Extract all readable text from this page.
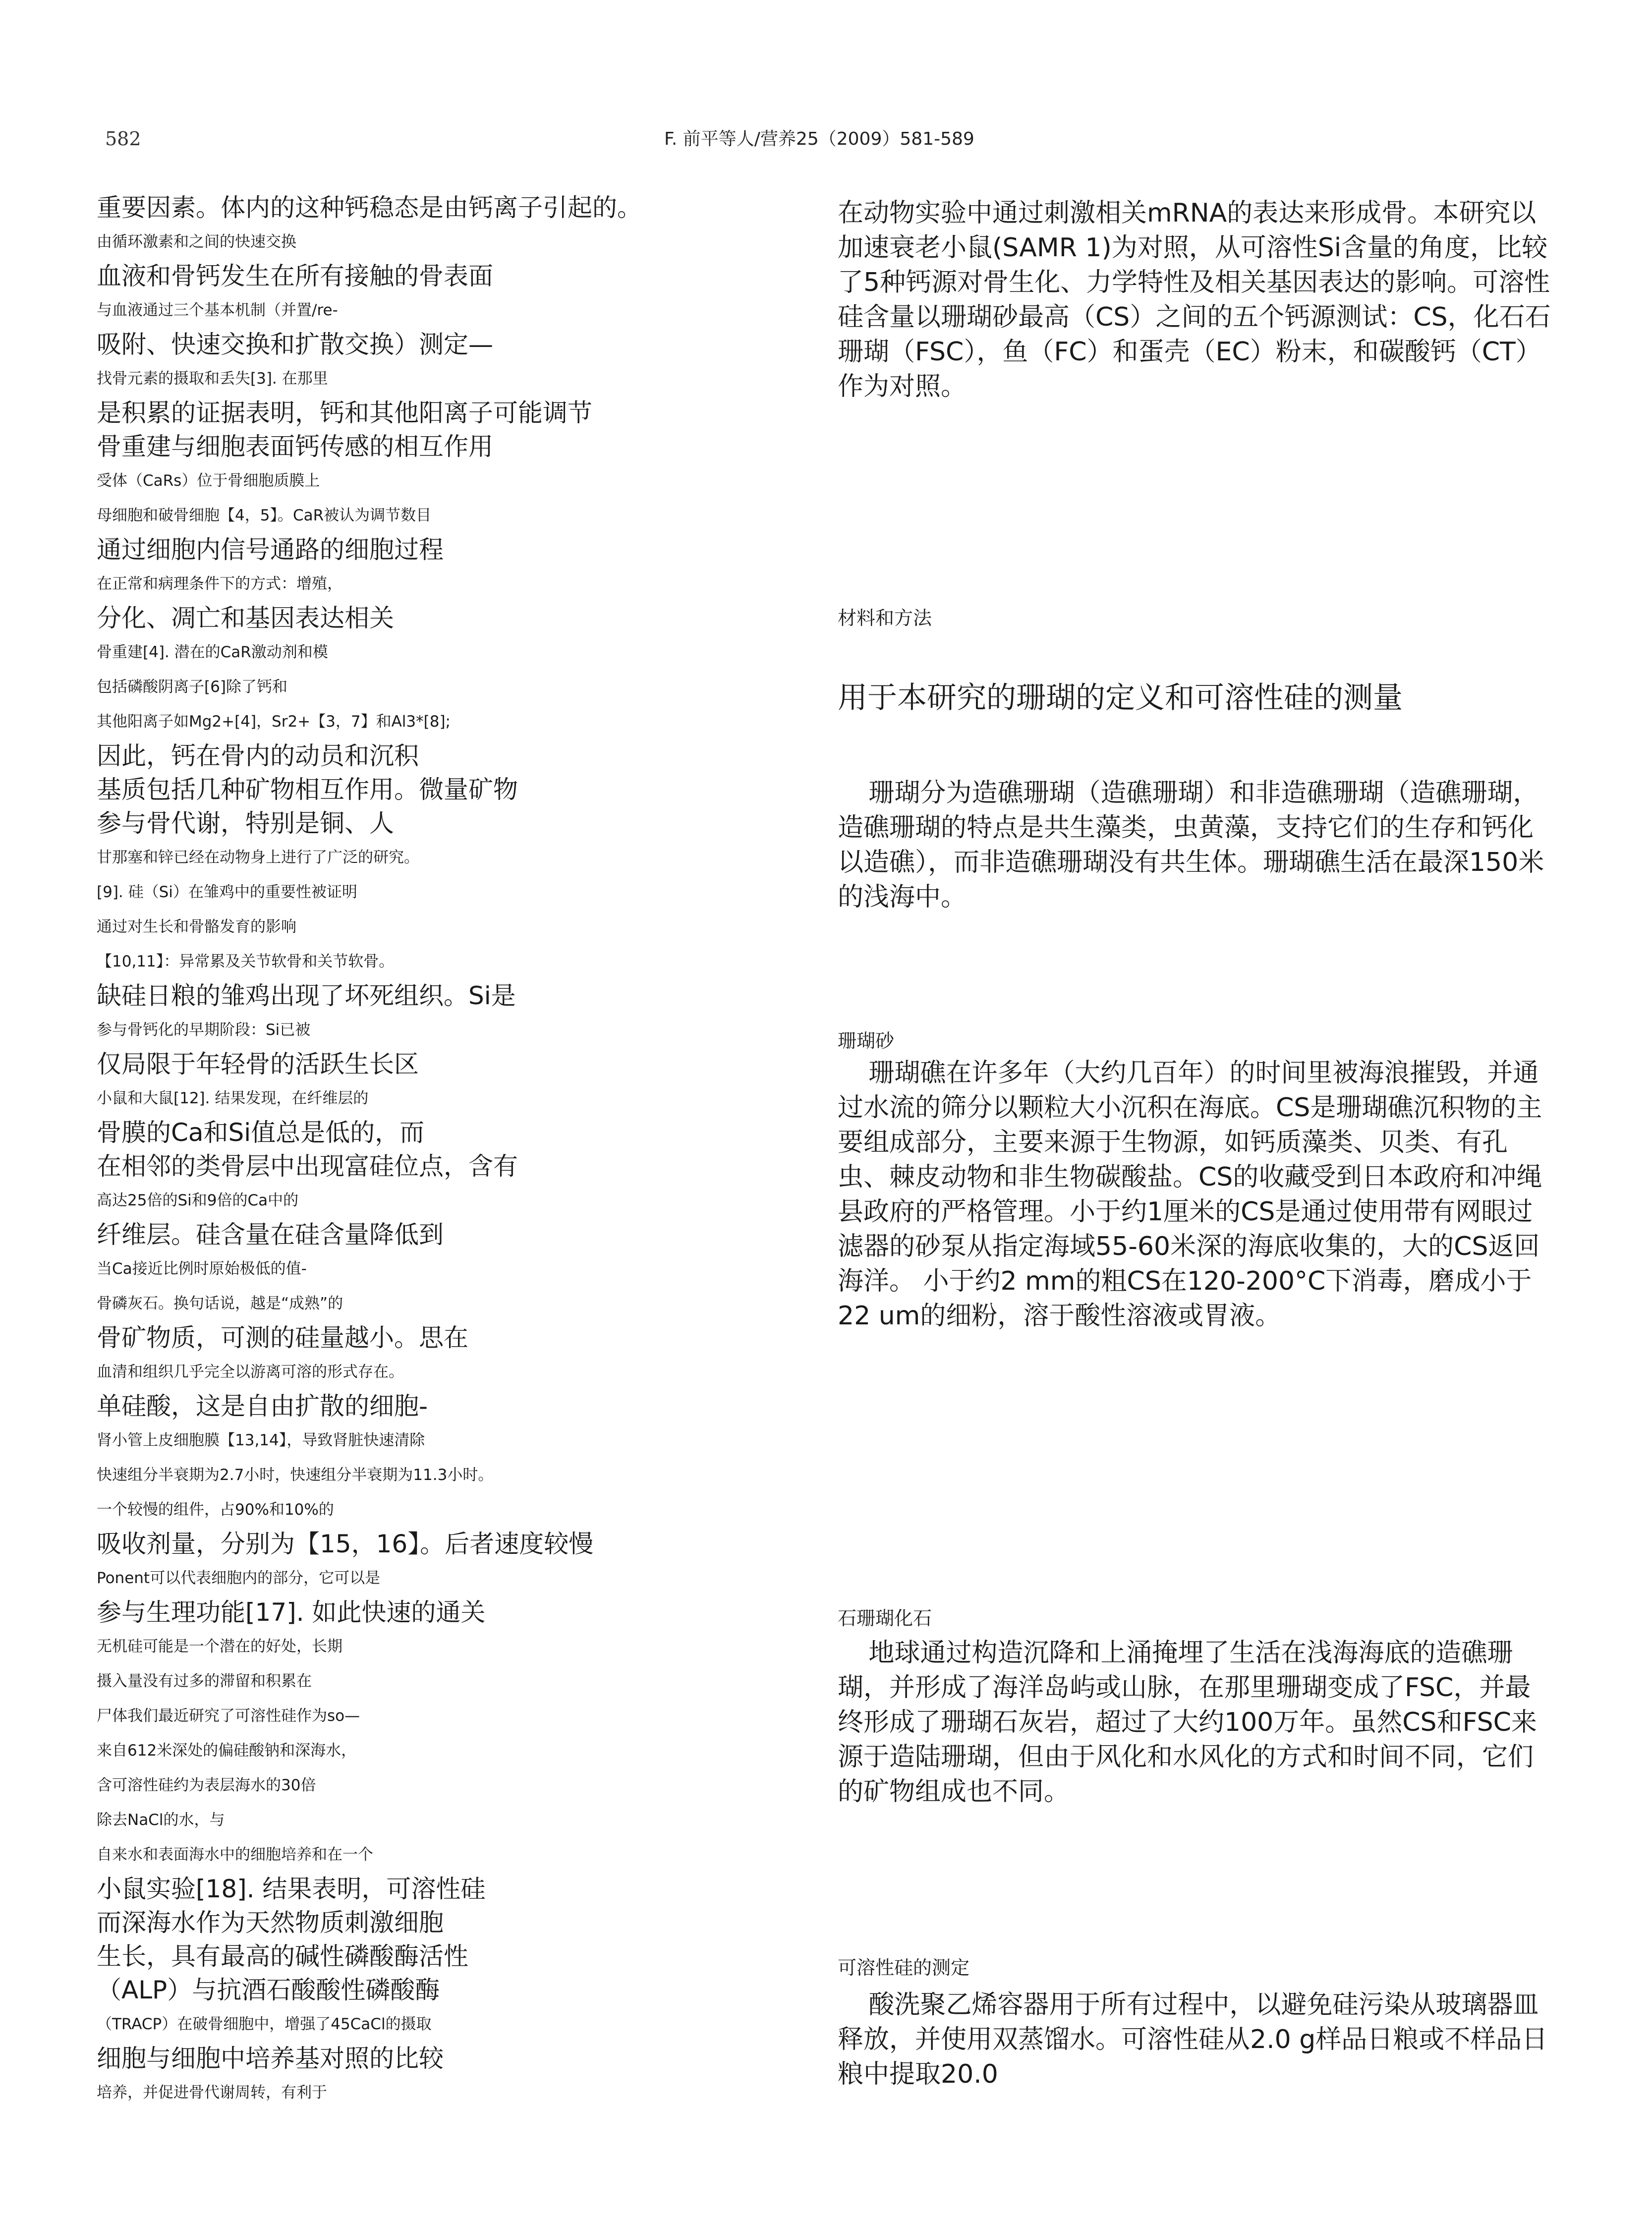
582	F. 前平等人/营养25（2009）581-589

重要因素。体内的这种钙稳态是由钙离子引起的。

由循环激素和之间的快速交换

血液和骨钙发生在所有接触的骨表面

与血液通过三个基本机制（并置/re-

吸附、快速交换和扩散交换）测定—

找骨元素的摄取和丢失[3]. 在那里

是积累的证据表明，钙和其他阳离子可能调节

骨重建与细胞表面钙传感的相互作用

受体（CaRs）位于骨细胞质膜上

母细胞和破骨细胞【4，5】。CaR被认为调节数目

通过细胞内信号通路的细胞过程

在正常和病理条件下的方式：增殖，

分化、凋亡和基因表达相关

骨重建[4]. 潜在的CaR激动剂和模

包括磷酸阴离子[6]除了钙和

其他阳离子如Mg2+[4]，Sr2+【3，7】和Al3*[8];

因此，钙在骨内的动员和沉积

基质包括几种矿物相互作用。微量矿物

参与骨代谢，特别是铜、人

甘那塞和锌已经在动物身上进行了广泛的研究。

[9]. 硅（Si）在雏鸡中的重要性被证明

通过对生长和骨骼发育的影响

【10,11】：异常累及关节软骨和关节软骨。

缺硅日粮的雏鸡出现了坏死组织。Si是

参与骨钙化的早期阶段：Si已被

仅局限于年轻骨的活跃生长区

小鼠和大鼠[12]. 结果发现，在纤维层的

骨膜的Ca和Si值总是低的，而

在相邻的类骨层中出现富硅位点，含有

高达25倍的Si和9倍的Ca中的

纤维层。硅含量在硅含量降低到

当Ca接近比例时原始极低的值-

骨磷灰石。换句话说，越是“成熟”的

骨矿物质，可测的硅量越小。思在

血清和组织几乎完全以游离可溶的形式存在。

单硅酸，这是自由扩散的细胞-

肾小管上皮细胞膜【13,14】，导致肾脏快速清除

快速组分半衰期为2.7小时，快速组分半衰期为11.3小时。

一个较慢的组件，占90%和10%的

吸收剂量，分别为【15，16】。后者速度较慢

Ponent可以代表细胞内的部分，它可以是

参与生理功能[17]. 如此快速的通关

无机硅可能是一个潜在的好处，长期

摄入量没有过多的滞留和积累在

尸体我们最近研究了可溶性硅作为so—

来自612米深处的偏硅酸钠和深海水，

含可溶性硅约为表层海水的30倍

除去NaCl的水，与

自来水和表面海水中的细胞培养和在一个

小鼠实验[18]. 结果表明，可溶性硅

而深海水作为天然物质刺激细胞

生长，具有最高的碱性磷酸酶活性

（ALP）与抗酒石酸酸性磷酸酶

（TRACP）在破骨细胞中，增强了45CaCl的摄取

细胞与细胞中培养基对照的比较

培养，并促进骨代谢周转，有利于

在动物实验中通过刺激相关mRNA的表达来形成骨。本研究以加速衰老小鼠(SAMR 1)为对照，从可溶性Si含量的角度，比较了5种钙源对骨生化、力学特性及相关基因表达的影响。可溶性硅含量以珊瑚砂最高（CS）之间的五个钙源测试：CS，化石石珊瑚（FSC），鱼（FC）和蛋壳（EC）粉末，和碳酸钙（CT）作为对照。

材料和方法

用于本研究的珊瑚的定义和可溶性硅的测量

珊瑚分为造礁珊瑚（造礁珊瑚）和非造礁珊瑚（造礁珊瑚，造礁珊瑚的特点是共生藻类，虫黄藻，支持它们的生存和钙化以造礁），而非造礁珊瑚没有共生体。珊瑚礁生活在最深150米的浅海中。

珊瑚砂

珊瑚礁在许多年（大约几百年）的时间里被海浪摧毁，并通过水流的筛分以颗粒大小沉积在海底。CS是珊瑚礁沉积物的主要组成部分，主要来源于生物源，如钙质藻类、贝类、有孔虫、棘皮动物和非生物碳酸盐。CS的收藏受到日本政府和冲绳县政府的严格管理。小于约1厘米的CS是通过使用带有网眼过滤器的砂泵从指定海域55-60米深的海底收集的，大的CS返回海洋。 小于约2 mm的粗CS在120-200°C下消毒，磨成小于22 um的细粉，溶于酸性溶液或胃液。

石珊瑚化石

地球通过构造沉降和上涌掩埋了生活在浅海海底的造礁珊瑚，并形成了海洋岛屿或山脉，在那里珊瑚变成了FSC，并最终形成了珊瑚石灰岩，超过了大约100万年。虽然CS和FSC来源于造陆珊瑚，但由于风化和水风化的方式和时间不同，它们的矿物组成也不同。

可溶性硅的测定

酸洗聚乙烯容器用于所有过程中，以避免硅污染从玻璃器皿释放，并使用双蒸馏水。可溶性硅从2.0 g样品日粮或不样品日粮中提取20.0
